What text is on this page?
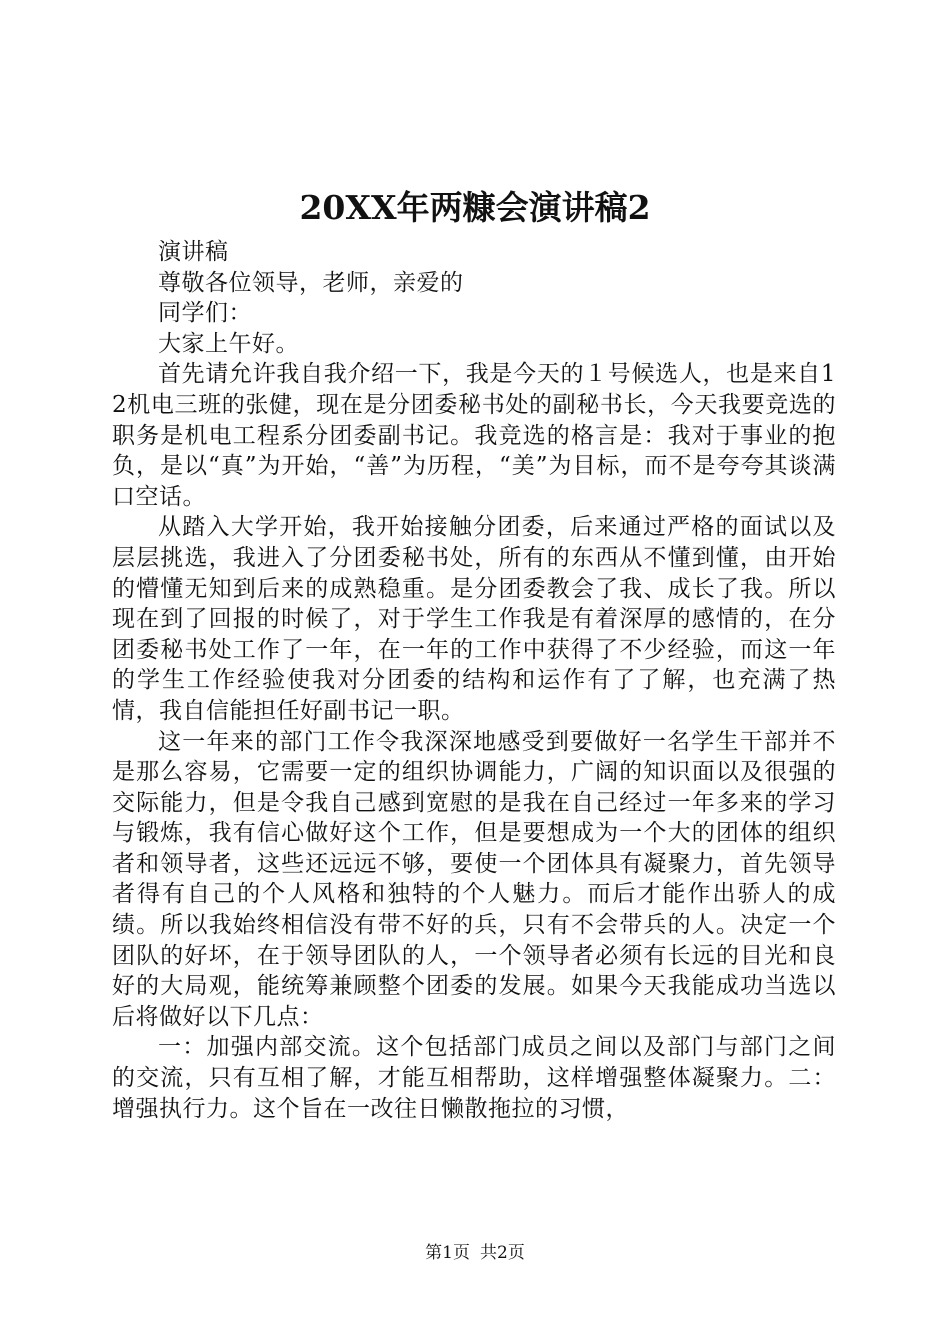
20XX年两糠会演讲稿2

演讲稿

尊敬各位领导，老师，亲爱的

同学们：

大家上午好。

首先请允许我自我介绍一下，我是今天的１号候选人，也是来自12机电三班的张健，现在是分团委秘书处的副秘书长，今天我要竞选的职务是机电工程系分团委副书记。我竞选的格言是：我对于事业的抱负，是以“真”为开始，“善”为历程，“美”为目标，而不是夸夸其谈满口空话。

从踏入大学开始，我开始接触分团委，后来通过严格的面试以及层层挑选，我进入了分团委秘书处，所有的东西从不懂到懂，由开始的懵懂无知到后来的成熟稳重。是分团委教会了我、成长了我。所以现在到了回报的时候了，对于学生工作我是有着深厚的感情的，在分团委秘书处工作了一年，在一年的工作中获得了不少经验，而这一年的学生工作经验使我对分团委的结构和运作有了了解，也充满了热情，我自信能担任好副书记一职。

这一年来的部门工作令我深深地感受到要做好一名学生干部并不是那么容易，它需要一定的组织协调能力，广阔的知识面以及很强的交际能力，但是令我自己感到宽慰的是我在自己经过一年多来的学习与锻炼，我有信心做好这个工作，但是要想成为一个大的团体的组织者和领导者，这些还远远不够，要使一个团体具有凝聚力，首先领导者得有自己的个人风格和独特的个人魅力。而后才能作出骄人的成绩。所以我始终相信没有带不好的兵，只有不会带兵的人。决定一个团队的好坏，在于领导团队的人，一个领导者必须有长远的目光和良好的大局观，能统筹兼顾整个团委的发展。如果今天我能成功当选以后将做好以下几点：

一：加强内部交流。这个包括部门成员之间以及部门与部门之间的交流，只有互相了解，才能互相帮助，这样增强整体凝聚力。二：增强执行力。这个旨在一改往日懒散拖拉的习惯，

第1页 共2页
